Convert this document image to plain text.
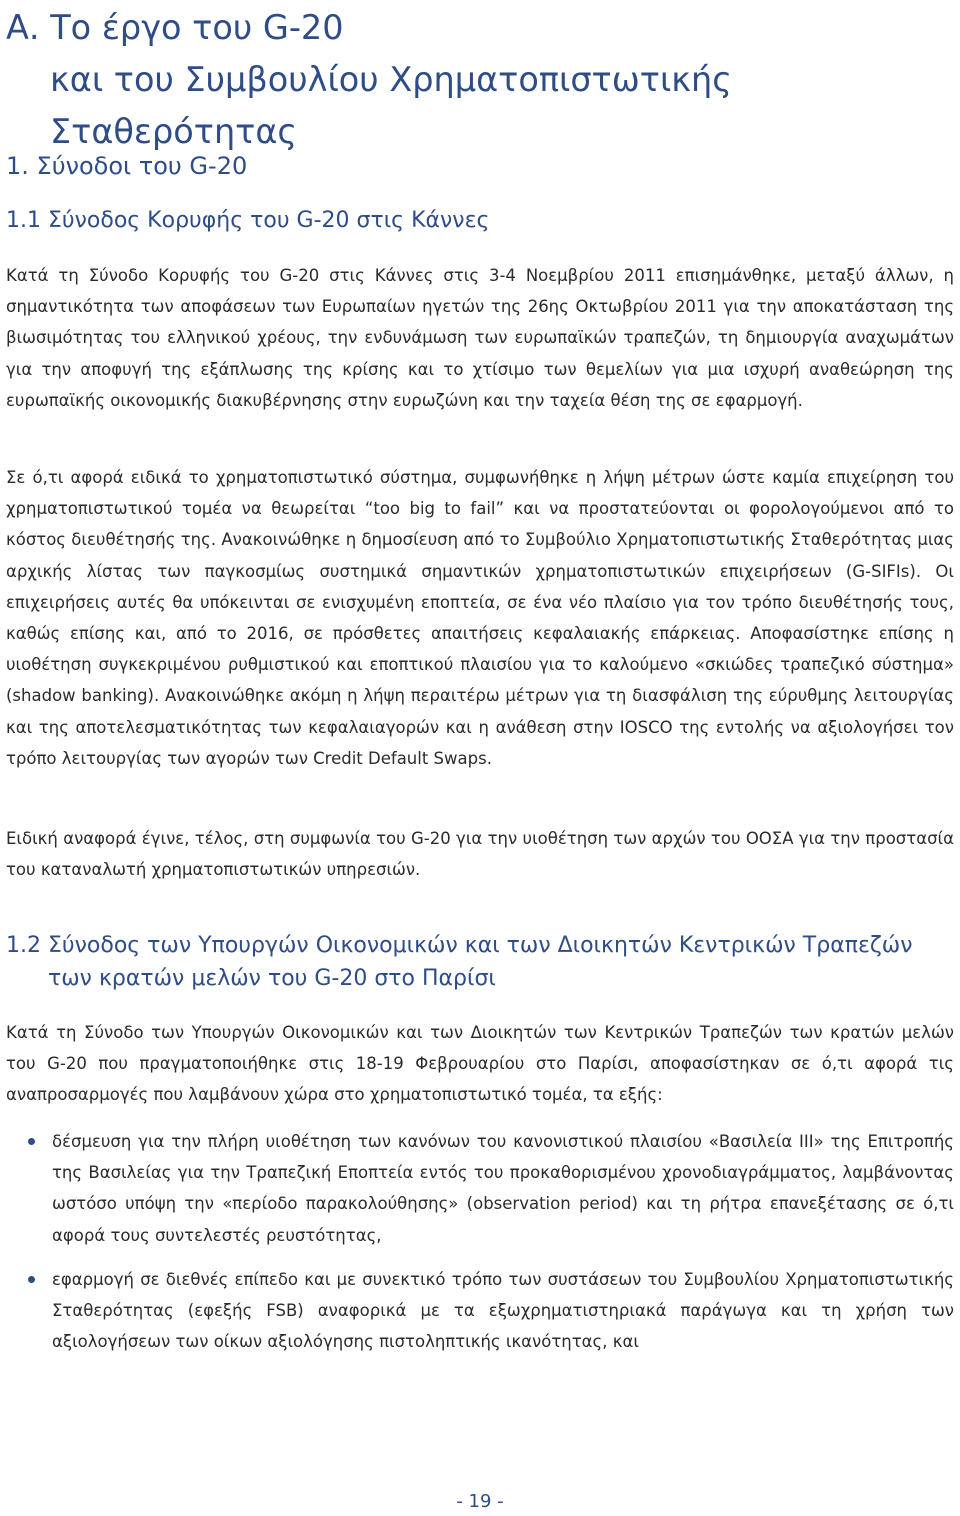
Α. Το έργο του G-20
και του Συμβουλίου Χρηματοπιστωτικής Σταθερότητας
1. Σύνοδοι του G-20
1.1 Σύνοδος Κορυφής του G-20 στις Κάννες

Κατά τη Σύνοδο Κορυφής του G-20 στις Κάννες στις 3-4 Νοεμβρίου 2011 επισημάνθηκε, μεταξύ άλλων, η σημαντικότητα των αποφάσεων των Ευρωπαίων ηγετών της 26ης Οκτωβρίου 2011 για την αποκατάσταση της βιωσιμότητας του ελληνικού χρέους, την ενδυνάμωση των ευρωπαϊκών τραπεζών, τη δημιουργία αναχωμάτων για την αποφυγή της εξάπλωσης της κρίσης και το χτίσιμο των θεμελίων για μια ισχυρή αναθεώρηση της ευρωπαϊκής οικονομικής διακυβέρνησης στην ευρωζώνη και την ταχεία θέση της σε εφαρμογή.

Σε ό,τι αφορά ειδικά το χρηματοπιστωτικό σύστημα, συμφωνήθηκε η λήψη μέτρων ώστε καμία επιχείρηση του χρηματοπιστωτικού τομέα να θεωρείται “too big to fail” και να προστατεύονται οι φορολογούμενοι από το κόστος διευθέτησής της. Ανακοινώθηκε η δημοσίευση από το Συμβούλιο Χρηματοπιστωτικής Σταθερότητας μιας αρχικής λίστας των παγκοσμίως συστημικά σημαντικών χρηματοπιστωτικών επιχειρήσεων (G-SIFIs). Οι επιχειρήσεις αυτές θα υπόκεινται σε ενισχυμένη εποπτεία, σε ένα νέο πλαίσιο για τον τρόπο διευθέτησής τους, καθώς επίσης και, από το 2016, σε πρόσθετες απαιτήσεις κεφαλαιακής επάρκειας. Αποφασίστηκε επίσης η υιοθέτηση συγκεκριμένου ρυθμιστικού και εποπτικού πλαισίου για το καλούμενο «σκιώδες τραπεζικό σύστημα» (shadow banking). Ανακοινώθηκε ακόμη η λήψη περαιτέρω μέτρων για τη διασφάλιση της εύρυθμης λειτουργίας και της αποτελεσματικότητας των κεφαλαιαγορών και η ανάθεση στην IOSCO της εντολής να αξιολογήσει τον τρόπο λειτουργίας των αγορών των Credit Default Swaps.

Ειδική αναφορά έγινε, τέλος, στη συμφωνία του G-20 για την υιοθέτηση των αρχών του ΟΟΣΑ για την προστασία του καταναλωτή χρηματοπιστωτικών υπηρεσιών.

1.2 Σύνοδος των Υπουργών Οικονομικών και των Διοικητών Κεντρικών Τραπεζών
των κρατών μελών του G-20 στο Παρίσι

Κατά τη Σύνοδο των Υπουργών Οικονομικών και των Διοικητών των Κεντρικών Τραπεζών των κρατών μελών του G-20 που πραγματοποιήθηκε στις 18-19 Φεβρουαρίου στο Παρίσι, αποφασίστηκαν σε ό,τι αφορά τις αναπροσαρμογές που λαμβάνουν χώρα στο χρηματοπιστωτικό τομέα, τα εξής:

δέσμευση για την πλήρη υιοθέτηση των κανόνων του κανονιστικού πλαισίου «Βασιλεία ΙΙΙ» της Επιτροπής της Βασιλείας για την Τραπεζική Εποπτεία εντός του προκαθορισμένου χρονοδιαγράμματος, λαμβάνοντας ωστόσο υπόψη την «περίοδο παρακολούθησης» (observation period) και τη ρήτρα επανεξέτασης σε ό,τι αφορά τους συντελεστές ρευστότητας,
εφαρμογή σε διεθνές επίπεδο και με συνεκτικό τρόπο των συστάσεων του Συμβουλίου Χρηματοπιστωτικής Σταθερότητας (εφεξής FSB) αναφορικά με τα εξωχρηματιστηριακά παράγωγα και τη χρήση των αξιολογήσεων των οίκων αξιολόγησης πιστοληπτικής ικανότητας, και
- 19 -
